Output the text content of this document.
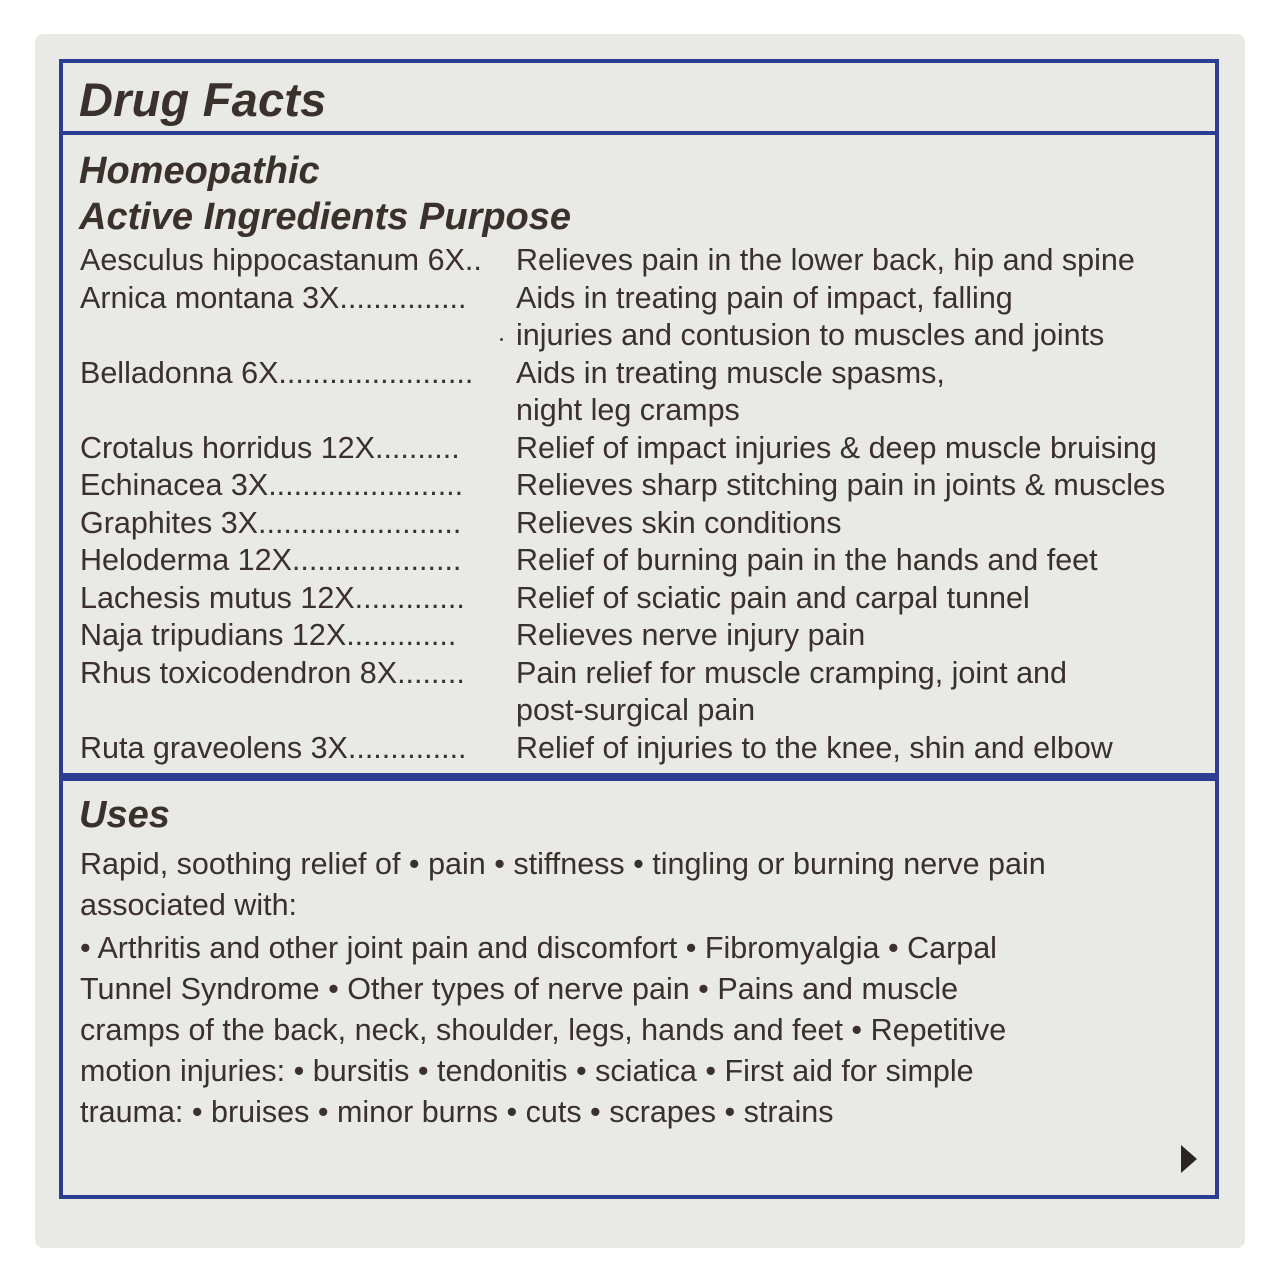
Drug Facts

Homeopathic

Active Ingredients Purpose

Aesculus hippocastanum 6X..	Relieves pain in the lower back, hip and spine

Arnica montana 3X...............	Aids in treating pain of impact, falling

injuries and contusion to muscles and joints

Belladonna 6X.......................	Aids in treating muscle spasms,

night leg cramps

Crotalus horridus 12X..........	Relief of impact injuries & deep muscle bruising

Echinacea 3X.......................	Relieves sharp stitching pain in joints & muscles

Graphites 3X........................	Relieves skin conditions

Heloderma 12X....................	Relief of burning pain in the hands and feet

Lachesis mutus 12X.............	Relief of sciatic pain and carpal tunnel

Naja tripudians 12X.............	Relieves nerve injury pain

Rhus toxicodendron 8X........	Pain relief for muscle cramping, joint and

post-surgical pain

Ruta graveolens 3X..............	Relief of injuries to the knee, shin and elbow

Uses

Rapid, soothing relief of • pain • stiffness • tingling or burning nerve pain

associated with:

• Arthritis and other joint pain and discomfort • Fibromyalgia • Carpal

Tunnel Syndrome • Other types of nerve pain • Pains and muscle

cramps of the back, neck, shoulder, legs, hands and feet • Repetitive

motion injuries: • bursitis • tendonitis • sciatica • First aid for simple

trauma: • bruises • minor burns • cuts • scrapes • strains
